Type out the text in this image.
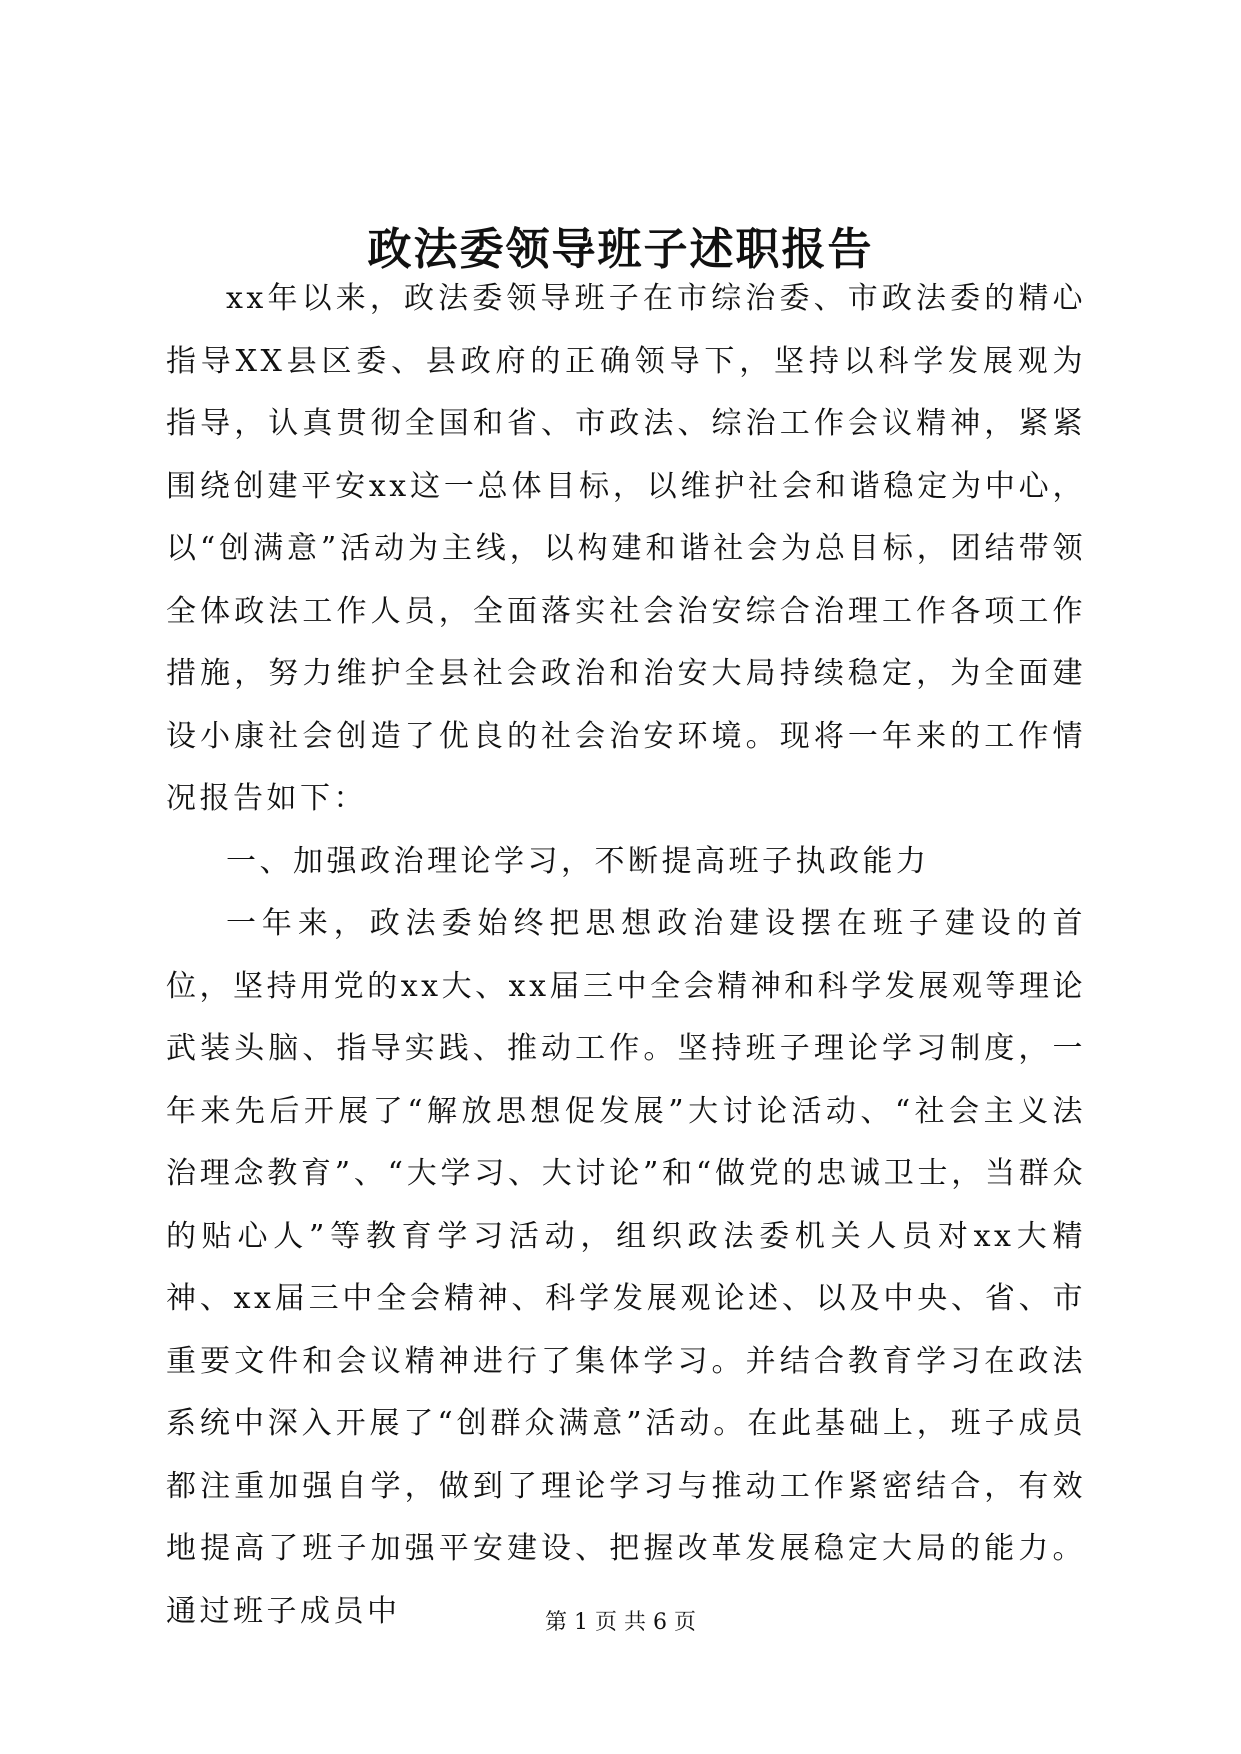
政法委领导班子述职报告

xx年以来，政法委领导班子在市综治委、市政法委的精心指导XX县区委、县政府的正确领导下，坚持以科学发展观为指导，认真贯彻全国和省、市政法、综治工作会议精神，紧紧围绕创建平安xx这一总体目标，以维护社会和谐稳定为中心，以“创满意”活动为主线，以构建和谐社会为总目标，团结带领全体政法工作人员，全面落实社会治安综合治理工作各项工作措施，努力维护全县社会政治和治安大局持续稳定，为全面建设小康社会创造了优良的社会治安环境。现将一年来的工作情况报告如下：

一、加强政治理论学习，不断提高班子执政能力

一年来，政法委始终把思想政治建设摆在班子建设的首位，坚持用党的xx大、xx届三中全会精神和科学发展观等理论武装头脑、指导实践、推动工作。坚持班子理论学习制度，一年来先后开展了“解放思想促发展”大讨论活动、“社会主义法治理念教育”、“大学习、大讨论”和“做党的忠诚卫士，当群众的贴心人”等教育学习活动，组织政法委机关人员对xx大精神、xx届三中全会精神、科学发展观论述、以及中央、省、市重要文件和会议精神进行了集体学习。并结合教育学习在政法系统中深入开展了“创群众满意”活动。在此基础上，班子成员都注重加强自学，做到了理论学习与推动工作紧密结合，有效地提高了班子加强平安建设、把握改革发展稳定大局的能力。通过班子成员中	第 1 页 共 6 页
